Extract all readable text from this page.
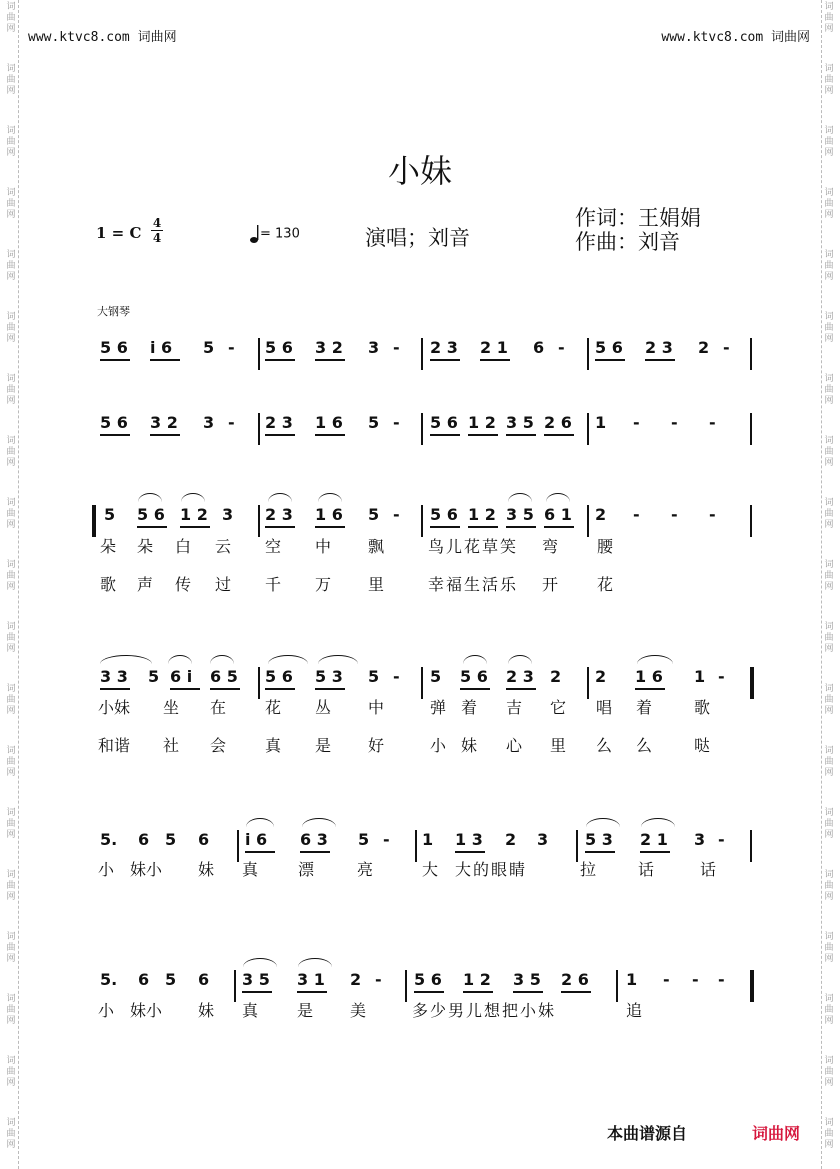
词
曲
网
词
曲
网
词
曲
网
词
曲
网
词
曲
网
词
曲
网
词
曲
网
词
曲
网
词
曲
网
词
曲
网
词
曲
网
词
曲
网
词
曲
网
词
曲
网
词
曲
网
词
曲
网
词
曲
网
词
曲
网
词
曲
网
词
曲
网
词
曲
网
词
曲
网
词
曲
网
词
曲
网
词
曲
网
词
曲
网
词
曲
网
词
曲
网
词
曲
网
词
曲
网
词
曲
网
词
曲
网
词
曲
网
词
曲
网
词
曲
网
词
曲
网
词
曲
网
词
曲
网
www.ktvc8.com 词曲网	www.ktvc8.com 词曲网
小妹
1 = C
4
4	= 130	演唱；刘音
作词：王娟娟
作曲：刘音
大钢琴
5 6 i 6 5 - 5 6 3 2 3 - 2 3 2 1 6 - 5 6 2 3 2 -
5 6 3 2 3 - 2 3 1 6 5 - 5 6 1 2 3 5 2 6 1 - - -
5 5 6 1 2 3 2 3 1 6 5 - 5 6 1 2 3 5 6 1 2 - - -
3 3 5 6 i 6 5 5 6 5 3 5 - 5 5 6 2 3 2 2 1 6 1 -
5. 6 5 6 i 6 6 3 5 - 1 1 3 2 3 5 3 2 1 3 -
5. 6 5 6 3 5 3 1 2 - 5 6 1 2 3 5 2 6 1 - - -
朵 朵 白 云 空 中 飘	鸟儿花草笑 弯 腰
歌 声 传 过 千 万 里	幸福生活乐 开 花
小妹 坐 在 花 丛 中	弹 着 吉 它 唱 着	歌
和谐 社 会 真 是 好	小 妹 心 里 么 么	哒
小 妹小 妹 真 漂	亮	大 大的眼睛	拉	话	话
小 妹小 妹 真 是 美	多少男儿想把小妹	追
本曲谱源自	词曲网
